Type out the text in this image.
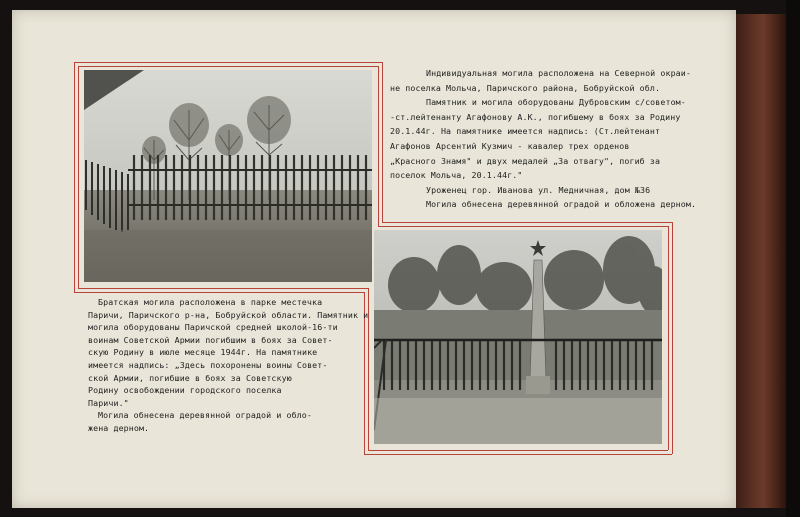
Индивидуальная могила расположена на Северной окраи-
не поселка Мольча, Паричского района, Бобруйской обл.
Памятник и могила оборудованы Дубровским с/советом-
-ст.лейтенанту Агафонову А.К., погибшему в боях за Родину
20.1.44г. На памятнике имеется надпись: (Ст.лейтенант
Агафонов Арсентий Кузмич - кавалер трех орденов
„Красного Знамя" и двух медалей „За отвагу", погиб за
поселок Мольча, 20.1.44г."
Уроженец гор. Иванова ул. Медничная, дом №36
Могила обнесена деревянной оградой и обложена дерном.
Братская могила расположена в парке местечка
Паричи, Паричского р-на, Бобруйской области. Памятник и
могила оборудованы Паричской средней школой-16-ти
воинам Советской Армии погибшим в боях за Совет-
скую Родину в июле месяце 1944г. На памятнике
имеется надпись: „Здесь похоронены воины Совет-
ской Армии, погибшие в боях за Советскую
Родину освобождении городского поселка
Паричи."
Могила обнесена деревянной оградой и обло-
жена дерном.
